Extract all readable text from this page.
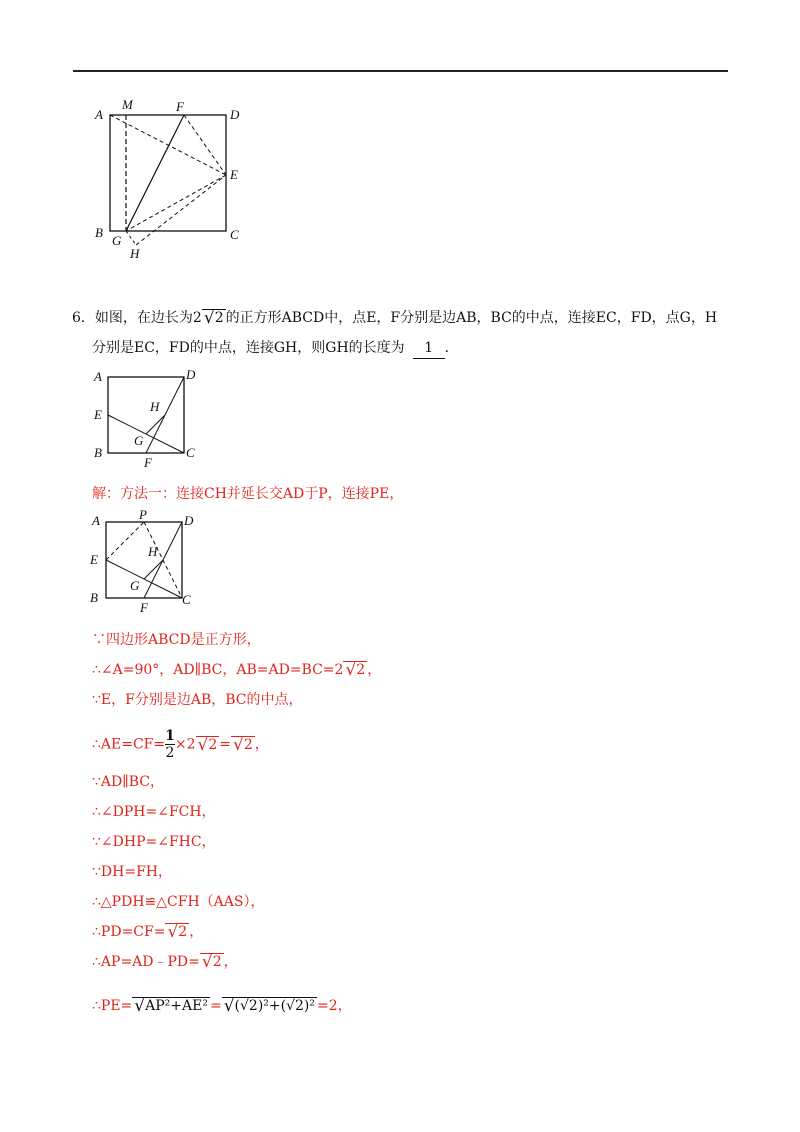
A
M	F
D
E
B
G
H
C
6．如图，在边长为2 √2 的正方形ABCD中，点E，F分别是边AB，BC的中点，连接EC，FD，点G，H
分别是EC，FD的中点，连接GH，则GH的长度为 1 ．
A	D
E
H
G
B	C
F
解：方法一：连接CH并延长交AD于P，连接PE，
A	P	D
E
H
G
B	C
F
∵四边形ABCD是正方形，
∴∠A=90°，AD∥BC，AB=AD=BC=2 √2 ，
∵E，F分别是边AB，BC的中点，
∴AE=CF= $\frac{1}{2} \times 2$ √2 = √2 ，
∵AD∥BC，
∴∠DPH=∠FCH，
∵∠DHP=∠FHC，
∵DH=FH，
∴△PDH≌△CFH（AAS），
∴PD=CF= √2 ，
∴AP=AD﹣PD= √2 ，
∴PE= √AP²+AE² = √(√2)²+(√2)² =2，
